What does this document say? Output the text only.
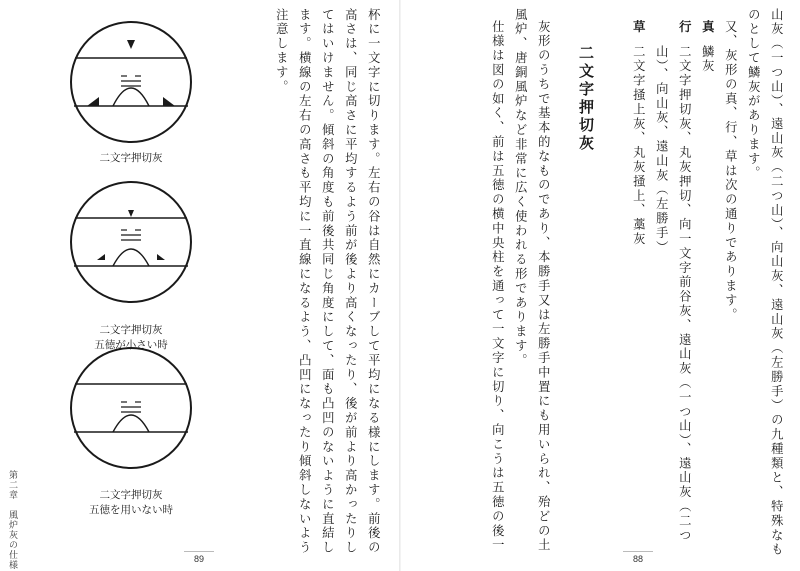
山灰（一つ山）、遠山灰（二つ山）、向山灰、遠山灰（左勝手）の九種類と、特殊なも
のとして鱗灰があります。
又、灰形の真、行、草は次の通りであります。
真
鱗灰
行
二文字押切灰、丸灰押切、向一文字前谷灰、遠山灰（一つ山）、遠山灰（二つ
山）、向山灰、遠山灰（左勝手）
草
二文字掻上灰、丸灰掻上、藁灰
二文字押切灰
灰形のうちで基本的なものであり、本勝手又は左勝手中置にも用いられ、殆どの土
風炉、唐銅風炉など非常に広く使われる形であります。
仕様は図の如く、前は五徳の横中央柱を通って一文字に切り、向こうは五徳の後一
88
杯に一文字に切ります。左右の谷は自然にカーブして平均になる様にします。前後の
高さは、同じ高さに平均するよう前が後より高くなったり、後が前より高かったりし
てはいけません。傾斜の角度も前後共同じ角度にして、面も凸凹のないように直結し
ます。横線の左右の高さも平均に一直線になるよう、凸凹になったり傾斜しないよう
注意します。
二文字押切灰
二文字押切灰
五徳が小さい時
二文字押切灰
五徳を用いない時
第二章　風炉灰の仕様	89
